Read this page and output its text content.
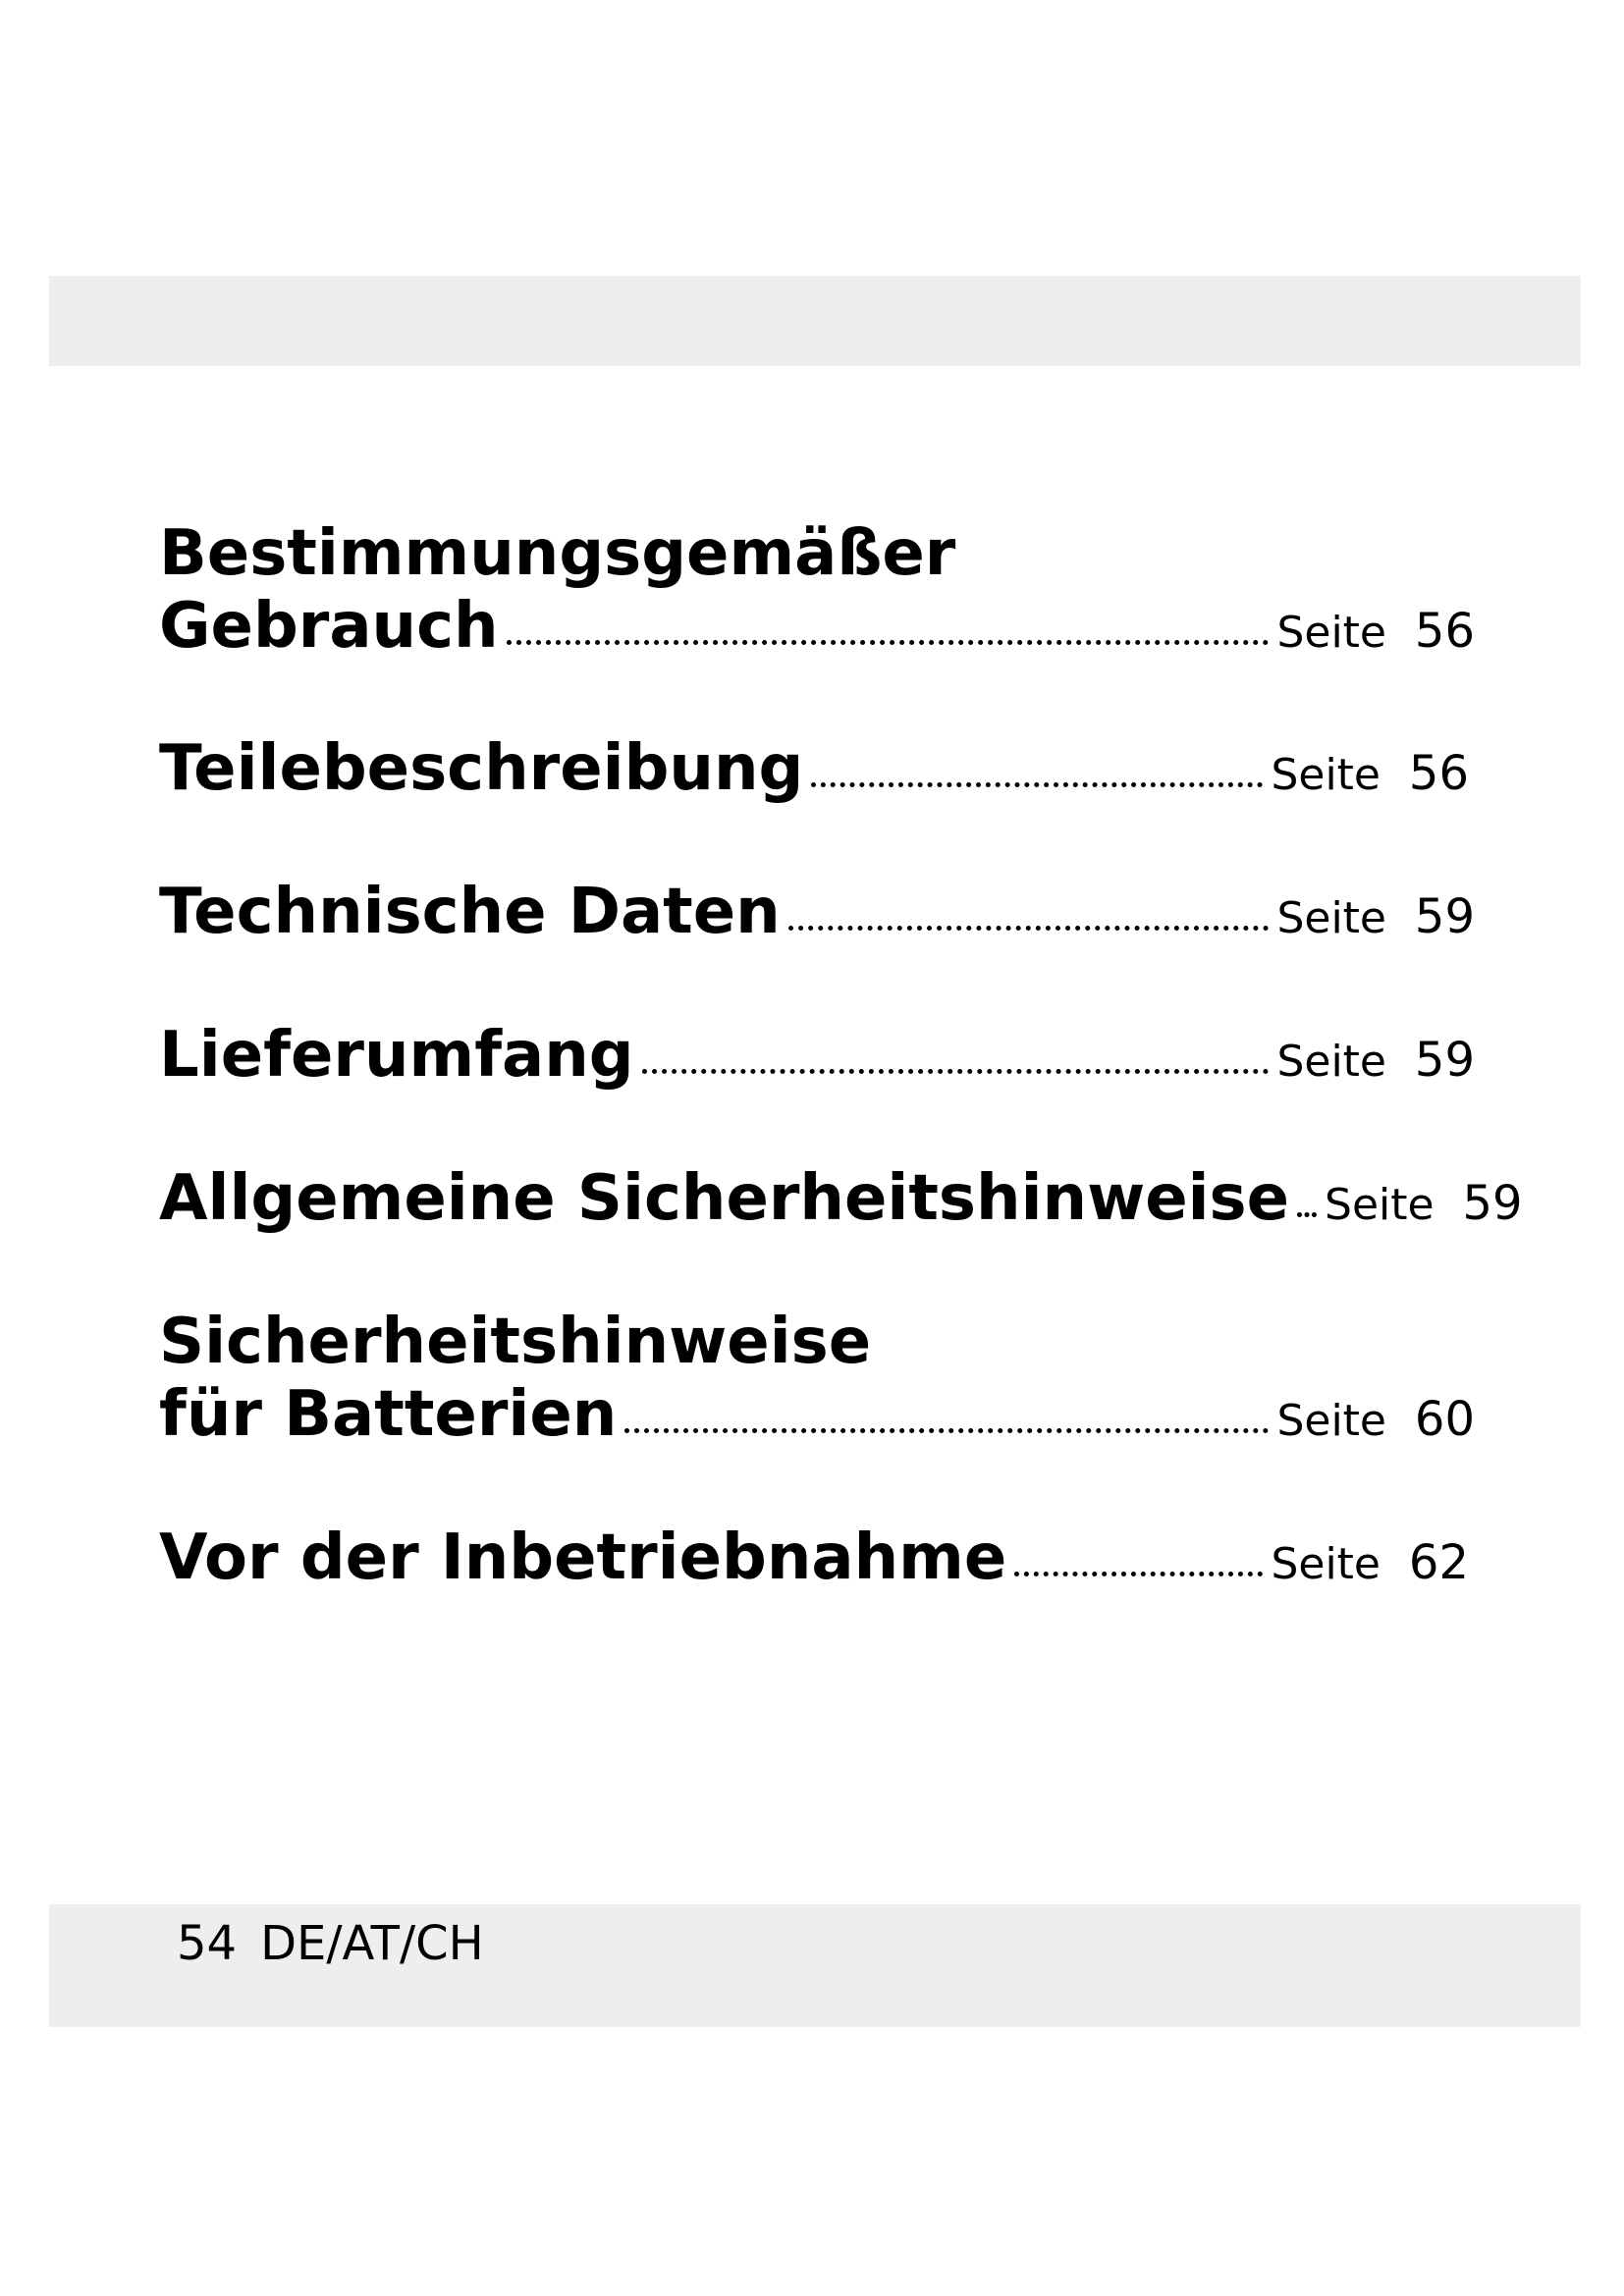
Bestimmungsgemäßer
Gebrauch	Seite 56
Teilebeschreibung	Seite 56
Technische Daten	Seite 59
Lieferumfang	Seite 59
Allgemeine Sicherheitshinweise Seite 59
Sicherheitshinweise
für Batterien	Seite 60
Vor der Inbetriebnahme	Seite 62
54 DE/AT/CH
